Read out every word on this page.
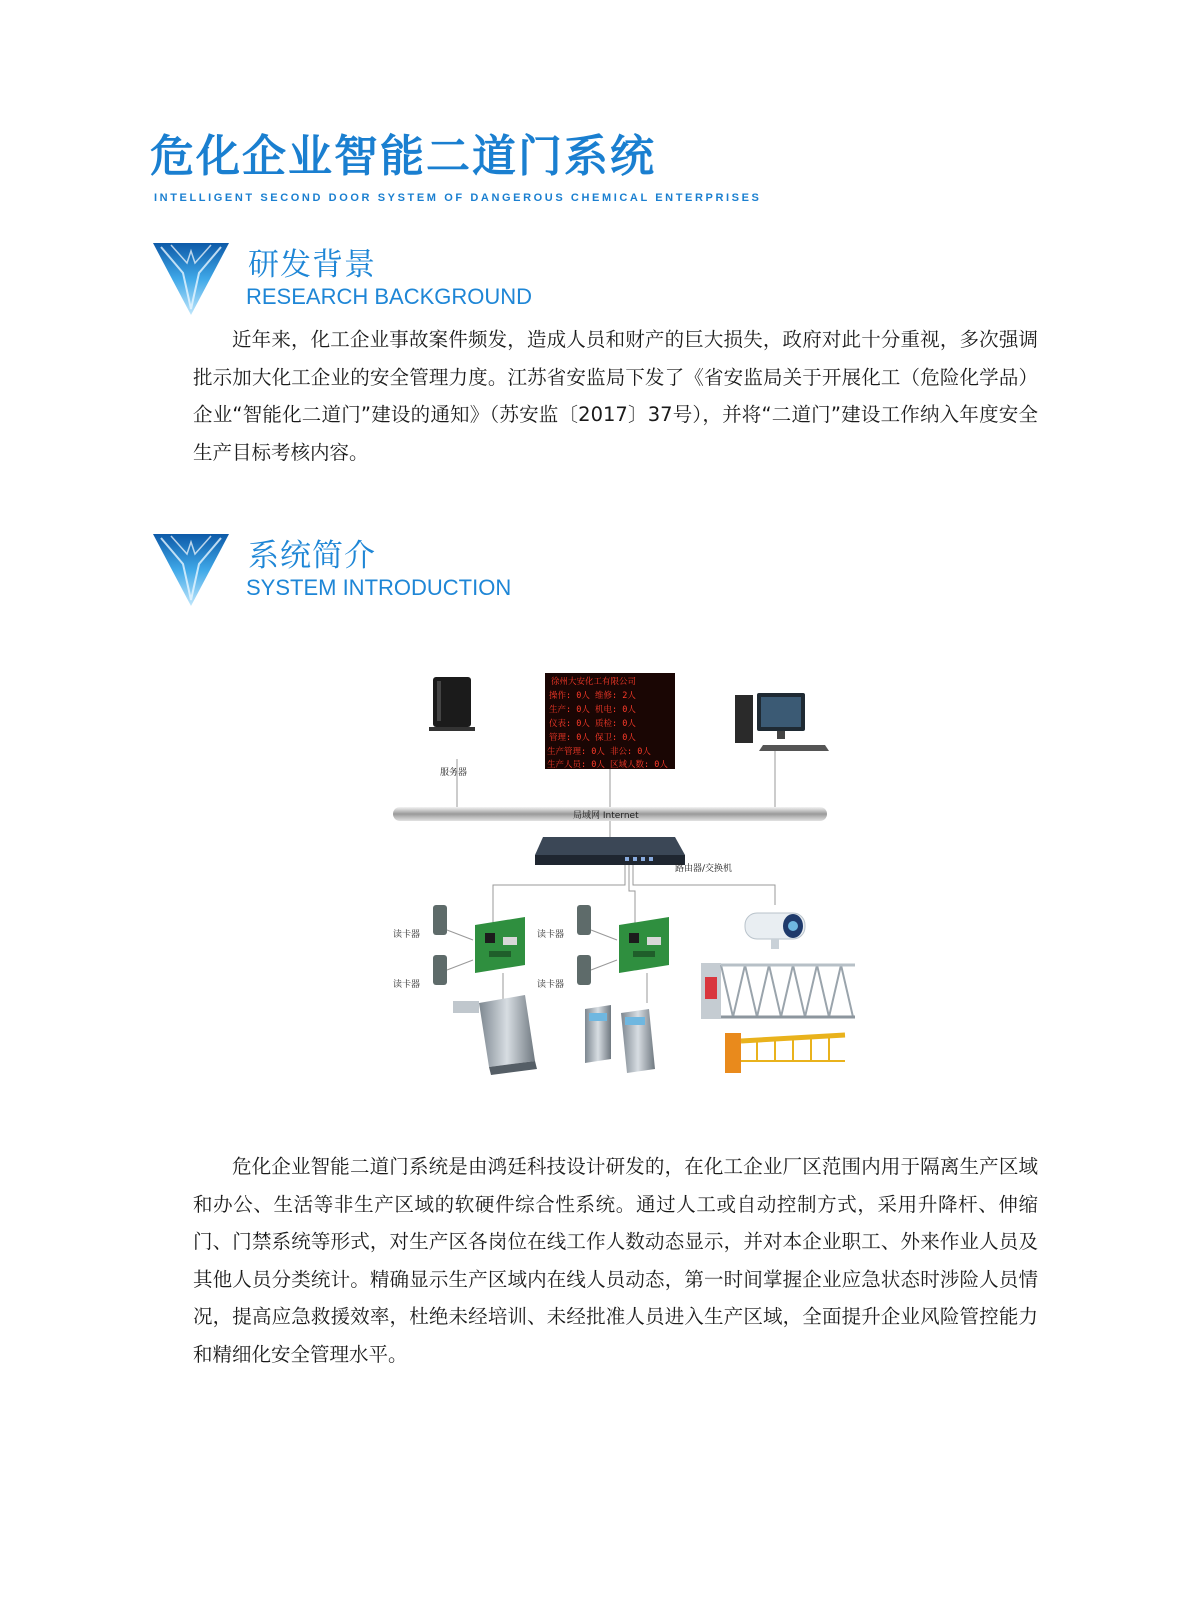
危化企业智能二道门系统
INTELLIGENT SECOND DOOR SYSTEM OF DANGEROUS CHEMICAL ENTERPRISES
研发背景
RESEARCH BACKGROUND

近年来，化工企业事故案件频发，造成人员和财产的巨大损失，政府对此十分重视，多次强调批示加大化工企业的安全管理力度。江苏省安监局下发了《省安监局关于开展化工（危险化学品）企业“智能化二道门”建设的通知》（苏安监〔2017〕37号），并将“二道门”建设工作纳入年度安全生产目标考核内容。

系统简介
SYSTEM INTRODUCTION
服务器
徐州大安化工有限公司
操作: 0人 维修: 2人
生产: 0人 机电: 0人
仪表: 0人 质检: 0人
管理: 0人 保卫: 0人
生产管理: 0人 非公: 0人
生产人员: 0人 区域人数: 0人
局域网 Internet
路由器/交换机
读卡器
读卡器
读卡器
读卡器

危化企业智能二道门系统是由鸿廷科技设计研发的，在化工企业厂区范围内用于隔离生产区域和办公、生活等非生产区域的软硬件综合性系统。通过人工或自动控制方式，采用升降杆、伸缩门、门禁系统等形式，对生产区各岗位在线工作人数动态显示，并对本企业职工、外来作业人员及其他人员分类统计。精确显示生产区域内在线人员动态，第一时间掌握企业应急状态时涉险人员情况，提高应急救援效率，杜绝未经培训、未经批准人员进入生产区域，全面提升企业风险管控能力和精细化安全管理水平。
